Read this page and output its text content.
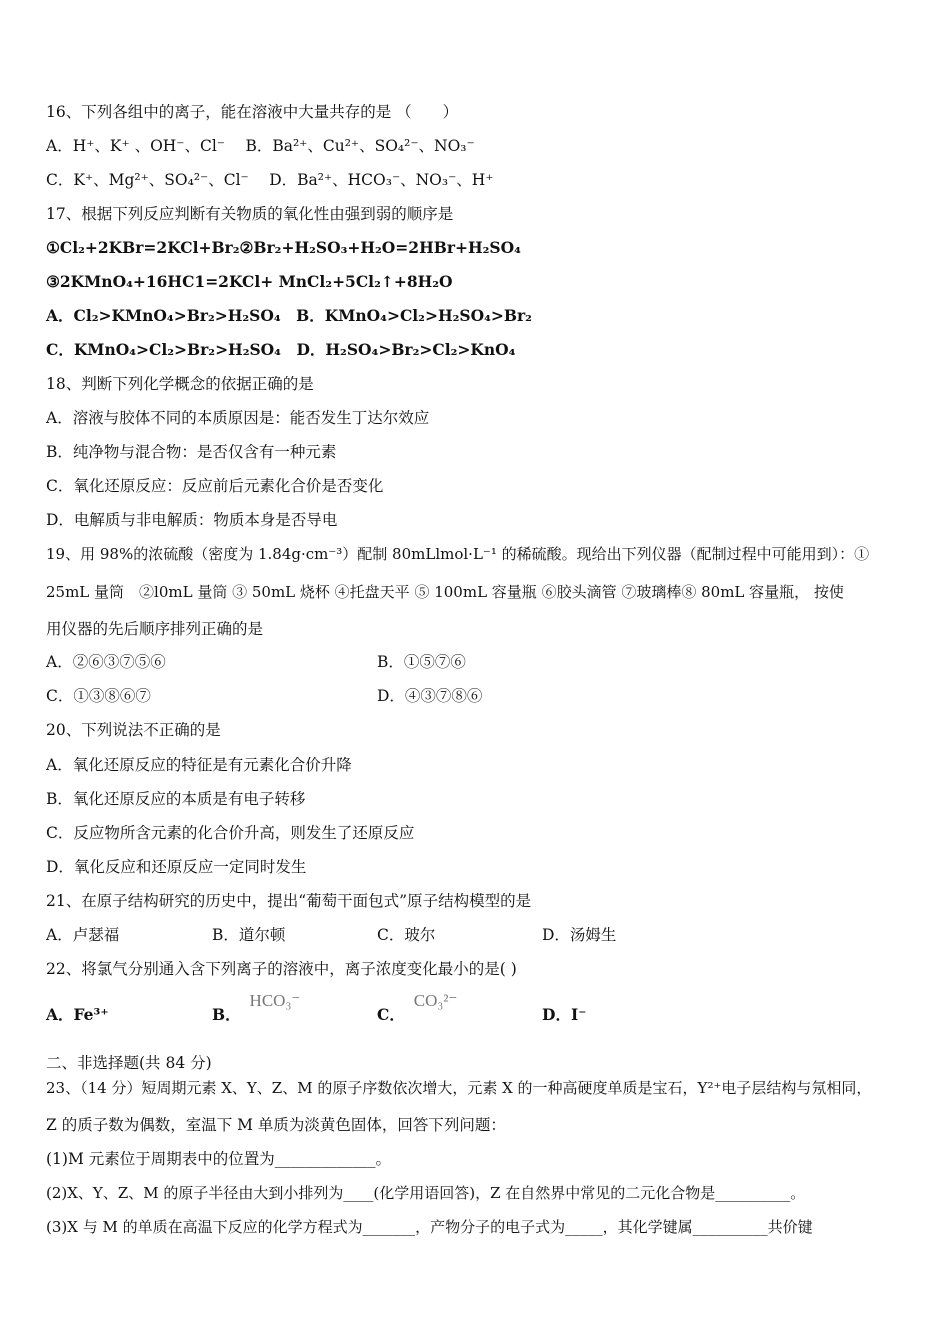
16、下列各组中的离子，能在溶液中大量共存的是 （　　）
A．H⁺、K⁺ 、OH⁻、Cl⁻　 B．Ba²⁺、Cu²⁺、SO₄²⁻、NO₃⁻
C．K⁺、Mg²⁺、SO₄²⁻、Cl⁻　 D．Ba²⁺、HCO₃⁻、NO₃⁻、H⁺
17、根据下列反应判断有关物质的氧化性由强到弱的顺序是
①Cl₂+2KBr=2KCl+Br₂②Br₂+H₂SO₃+H₂O=2HBr+H₂SO₄
③2KMnO₄+16HC1=2KCl+ MnCl₂+5Cl₂↑+8H₂O
A．Cl₂>KMnO₄>Br₂>H₂SO₄　B．KMnO₄>Cl₂>H₂SO₄>Br₂
C．KMnO₄>Cl₂>Br₂>H₂SO₄　D．H₂SO₄>Br₂>Cl₂>KnO₄
18、判断下列化学概念的依据正确的是
A．溶液与胶体不同的本质原因是：能否发生丁达尔效应
B．纯净物与混合物：是否仅含有一种元素
C．氧化还原反应：反应前后元素化合价是否变化
D．电解质与非电解质：物质本身是否导电
19、用 98%的浓硫酸（密度为 1.84g·cm⁻³）配制 80mLlmol·L⁻¹ 的稀硫酸。现给出下列仪器（配制过程中可能用到）：①
25mL 量筒　②l0mL 量筒 ③ 50mL 烧杯 ④托盘天平 ⑤ 100mL 容量瓶 ⑥胶头滴管 ⑦玻璃棒⑧ 80mL 容量瓶， 按使
用仪器的先后顺序排列正确的是
A．②⑥③⑦⑤⑥	B．①⑤⑦⑥
C．①③⑧⑥⑦	D．④③⑦⑧⑥
20、下列说法不正确的是
A．氧化还原反应的特征是有元素化合价升降
B．氧化还原反应的本质是有电子转移
C．反应物所含元素的化合价升高，则发生了还原反应
D．氧化反应和还原反应一定同时发生
21、在原子结构研究的历史中，提出“葡萄干面包式”原子结构模型的是
A．卢瑟福	B．道尔顿	C．玻尔	D．汤姆生
22、将氯气分别通入含下列离子的溶液中，离子浓度变化最小的是( )
A．Fe³⁺	B． HCO₃⁻
C． CO₃²⁻
D．I⁻
二、非选择题(共 84 分)
23、（14 分）短周期元素 X、Y、Z、M 的原子序数依次增大，元素 X 的一种高硬度单质是宝石，Y²⁺电子层结构与氖相同，
Z 的质子数为偶数，室温下 M 单质为淡黄色固体，回答下列问题：
(1)M 元素位于周期表中的位置为_____________。
(2)X、Y、Z、M 的原子半径由大到小排列为____(化学用语回答)，Z 在自然界中常见的二元化合物是__________。
(3)X 与 M 的单质在高温下反应的化学方程式为_______，产物分子的电子式为_____，其化学键属__________共价键
